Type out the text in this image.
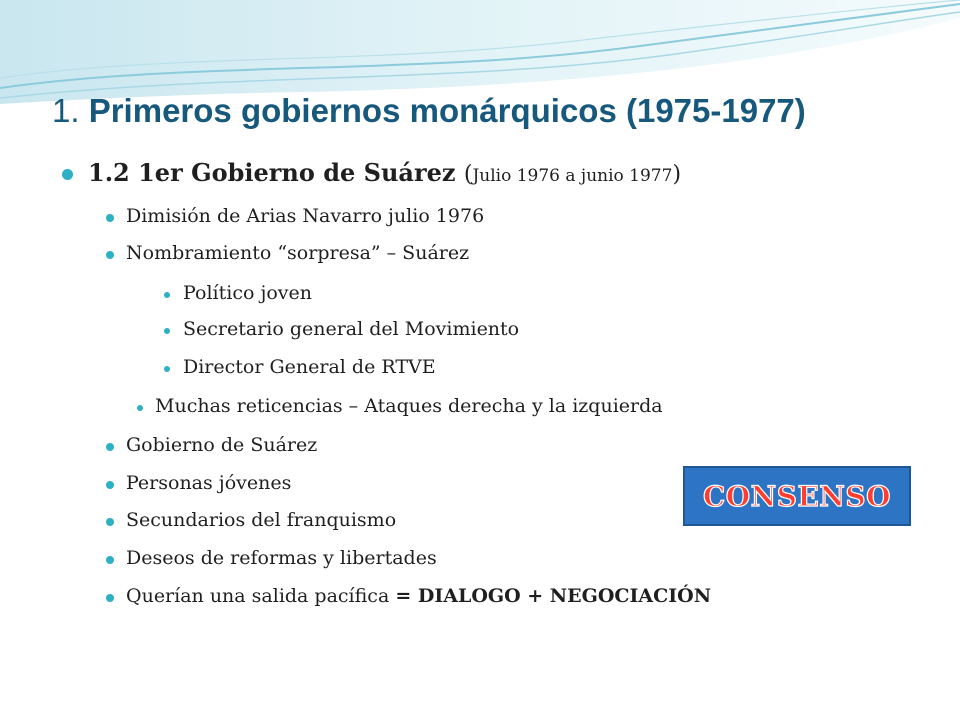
1. Primeros gobiernos monárquicos (1975-1977)
1.2 1er Gobierno de Suárez (Julio 1976 a junio 1977)
Dimisión de Arias Navarro julio 1976
Nombramiento “sorpresa” – Suárez
Político joven
Secretario general del Movimiento
Director General de RTVE
Muchas reticencias – Ataques derecha y la izquierda
Gobierno de Suárez
Personas jóvenes
Secundarios del franquismo
Deseos de reformas y libertades
Querían una salida pacífica = DIALOGO + NEGOCIACIÓN
CONSENSO
